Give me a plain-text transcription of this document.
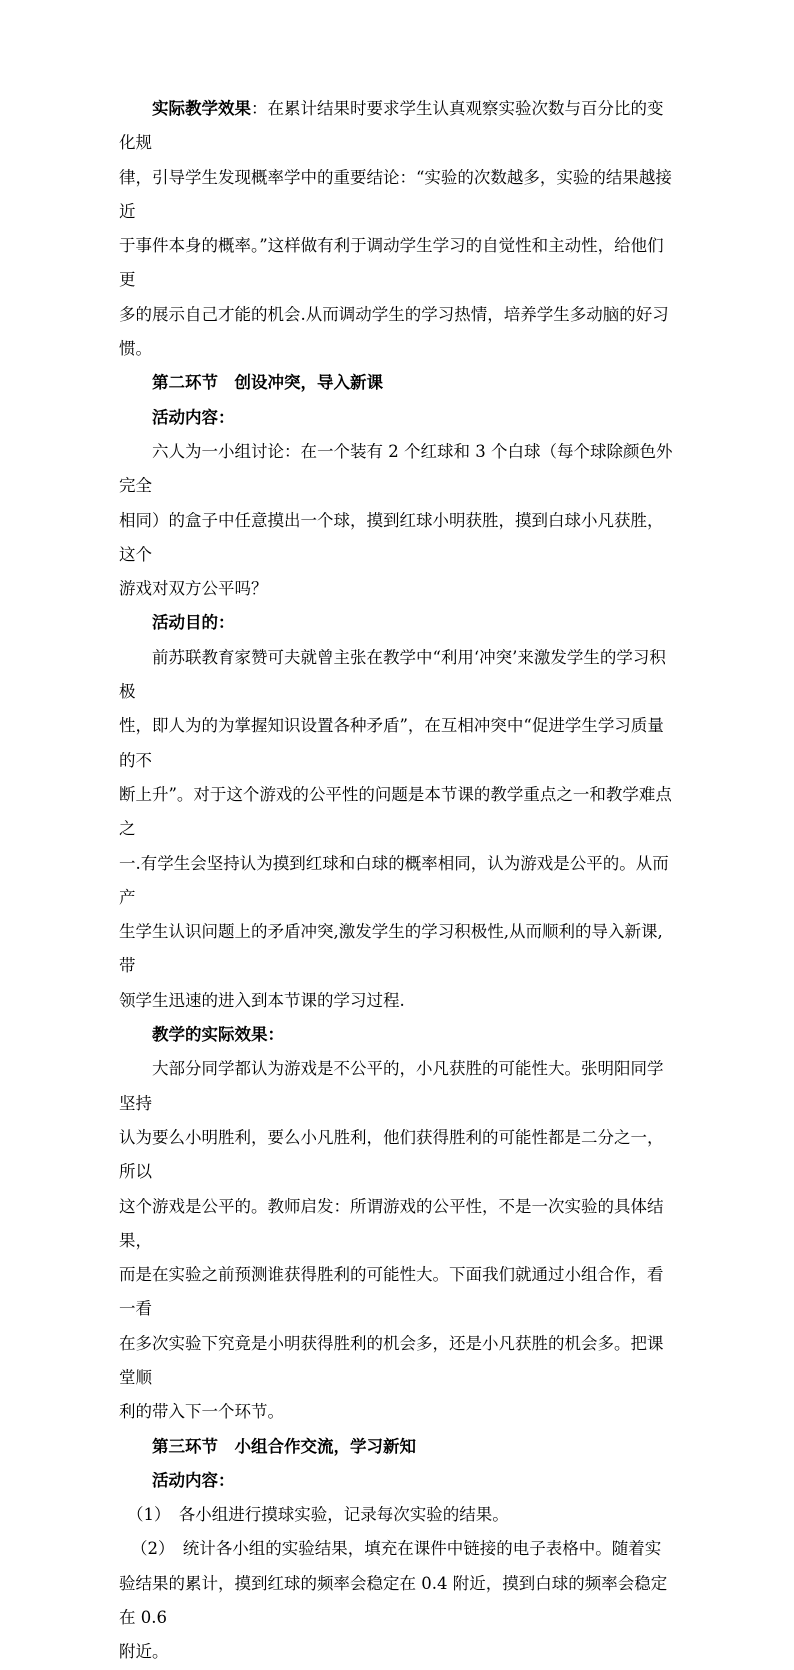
实际教学效果：在累计结果时要求学生认真观察实验次数与百分比的变化规

律，引导学生发现概率学中的重要结论：“实验的次数越多，实验的结果越接近

于事件本身的概率。”这样做有利于调动学生学习的自觉性和主动性，给他们更

多的展示自己才能的机会.从而调动学生的学习热情，培养学生多动脑的好习惯。

第二环节　创设冲突，导入新课

活动内容：

六人为一小组讨论：在一个装有 2 个红球和 3 个白球（每个球除颜色外完全

相同）的盒子中任意摸出一个球，摸到红球小明获胜，摸到白球小凡获胜，这个

游戏对双方公平吗？

活动目的：

前苏联教育家赞可夫就曾主张在教学中“利用‘冲突’来激发学生的学习积极

性，即人为的为掌握知识设置各种矛盾”，在互相冲突中“促进学生学习质量的不

断上升”。对于这个游戏的公平性的问题是本节课的教学重点之一和教学难点之

一.有学生会坚持认为摸到红球和白球的概率相同，认为游戏是公平的。从而产

生学生认识问题上的矛盾冲突,激发学生的学习积极性,从而顺利的导入新课,带

领学生迅速的进入到本节课的学习过程.

教学的实际效果：

大部分同学都认为游戏是不公平的，小凡获胜的可能性大。张明阳同学坚持

认为要么小明胜利，要么小凡胜利，他们获得胜利的可能性都是二分之一，所以

这个游戏是公平的。教师启发：所谓游戏的公平性，不是一次实验的具体结果，

而是在实验之前预测谁获得胜利的可能性大。下面我们就通过小组合作，看一看

在多次实验下究竟是小明获得胜利的机会多，还是小凡获胜的机会多。把课堂顺

利的带入下一个环节。

第三环节　小组合作交流，学习新知

活动内容：

（1）　各小组进行摸球实验，记录每次实验的结果。

（2）　统计各小组的实验结果，填充在课件中链接的电子表格中。随着实

验结果的累计，摸到红球的频率会稳定在 0.4 附近，摸到白球的频率会稳定在 0.6

附近。
